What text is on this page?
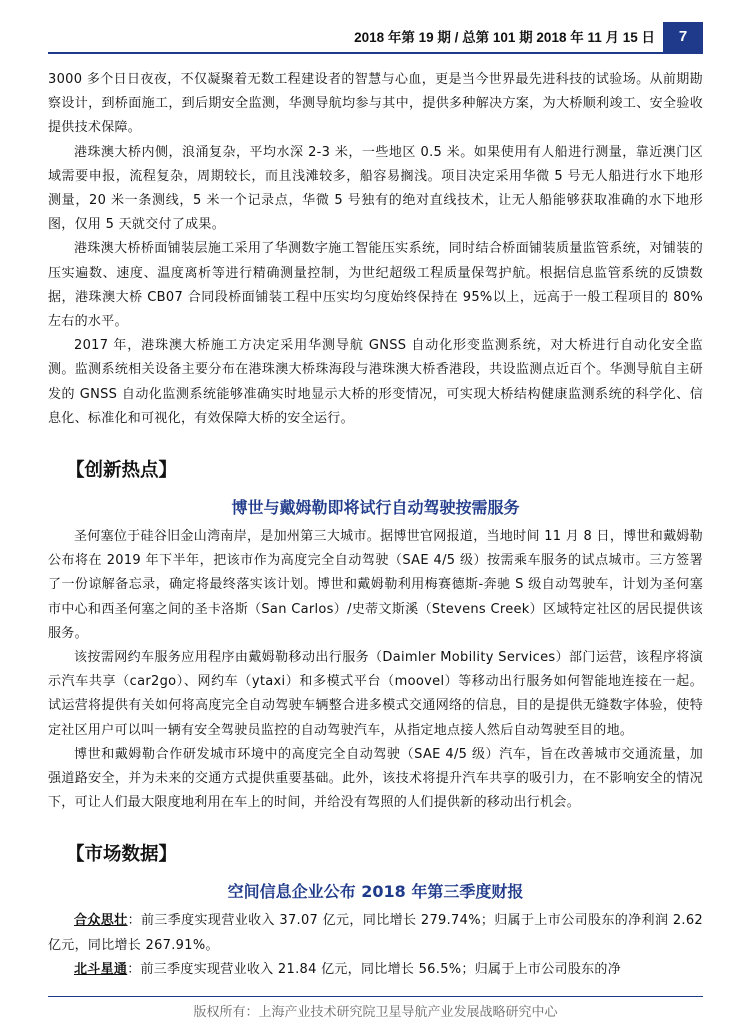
2018 年第 19 期 / 总第 101 期 2018 年 11 月 15 日	7

3000 多个日日夜夜，不仅凝聚着无数工程建设者的智慧与心血，更是当今世界最先进科技的试验场。从前期勘察设计，到桥面施工，到后期安全监测，华测导航均参与其中，提供多种解决方案，为大桥顺利竣工、安全验收提供技术保障。

港珠澳大桥内侧，浪涌复杂，平均水深 2-3 米，一些地区 0.5 米。如果使用有人船进行测量，靠近澳门区域需要申报，流程复杂，周期较长，而且浅滩较多，船容易搁浅。项目决定采用华微 5 号无人船进行水下地形测量，20 米一条测线，5 米一个记录点，华微 5 号独有的绝对直线技术，让无人船能够获取准确的水下地形图，仅用 5 天就交付了成果。

港珠澳大桥桥面铺装层施工采用了华测数字施工智能压实系统，同时结合桥面铺装质量监管系统，对铺装的压实遍数、速度、温度离析等进行精确测量控制，为世纪超级工程质量保驾护航。根据信息监管系统的反馈数据，港珠澳大桥 CB07 合同段桥面铺装工程中压实均匀度始终保持在 95%以上，远高于一般工程项目的 80%左右的水平。

2017 年，港珠澳大桥施工方决定采用华测导航 GNSS 自动化形变监测系统，对大桥进行自动化安全监测。监测系统相关设备主要分布在港珠澳大桥珠海段与港珠澳大桥香港段，共设监测点近百个。华测导航自主研发的 GNSS 自动化监测系统能够准确实时地显示大桥的形变情况，可实现大桥结构健康监测系统的科学化、信息化、标准化和可视化，有效保障大桥的安全运行。

【创新热点】
博世与戴姆勒即将试行自动驾驶按需服务

圣何塞位于硅谷旧金山湾南岸，是加州第三大城市。据博世官网报道，当地时间 11 月 8 日，博世和戴姆勒公布将在 2019 年下半年，把该市作为高度完全自动驾驶（SAE 4/5 级）按需乘车服务的试点城市。三方签署了一份谅解备忘录，确定将最终落实该计划。博世和戴姆勒利用梅赛德斯-奔驰 S 级自动驾驶车，计划为圣何塞市中心和西圣何塞之间的圣卡洛斯（San Carlos）/史蒂文斯溪（Stevens Creek）区域特定社区的居民提供该服务。

该按需网约车服务应用程序由戴姆勒移动出行服务（Daimler Mobility Services）部门运营，该程序将演示汽车共享（car2go）、网约车（ytaxi）和多模式平台（moovel）等移动出行服务如何智能地连接在一起。试运营将提供有关如何将高度完全自动驾驶车辆整合进多模式交通网络的信息，目的是提供无缝数字体验，使特定社区用户可以叫一辆有安全驾驶员监控的自动驾驶汽车，从指定地点接人然后自动驾驶至目的地。

博世和戴姆勒合作研发城市环境中的高度完全自动驾驶（SAE 4/5 级）汽车，旨在改善城市交通流量，加强道路安全，并为未来的交通方式提供重要基础。此外，该技术将提升汽车共享的吸引力，在不影响安全的情况下，可让人们最大限度地利用在车上的时间，并给没有驾照的人们提供新的移动出行机会。

【市场数据】
空间信息企业公布 2018 年第三季度财报

合众思壮：前三季度实现营业收入 37.07 亿元，同比增长 279.74%；归属于上市公司股东的净利润 2.62 亿元，同比增长 267.91%。

北斗星通：前三季度实现营业收入 21.84 亿元，同比增长 56.5%；归属于上市公司股东的净

版权所有：上海产业技术研究院卫星导航产业发展战略研究中心
